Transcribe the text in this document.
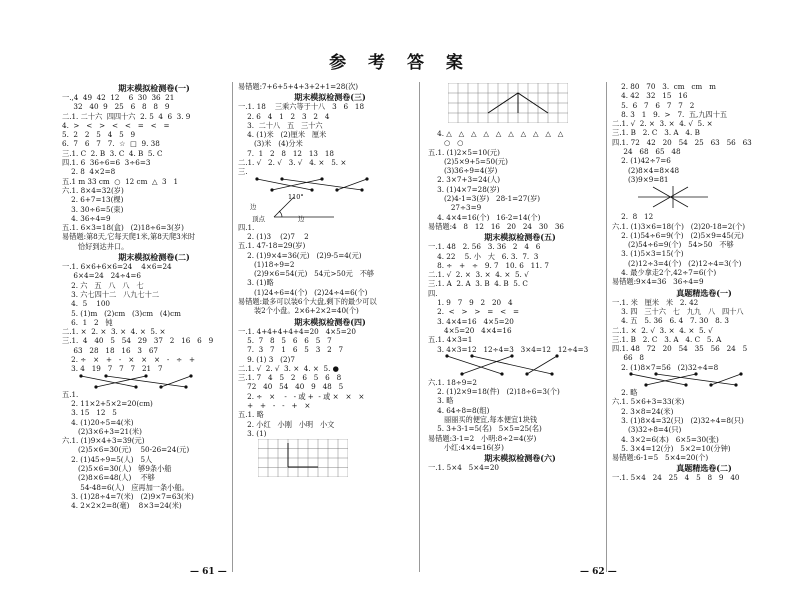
参 考 答 案
期末模拟检测卷(一)
一.,4  49  42  12    6  30  36  21
32   40  9   25   6   8   8   9
二.1. 二十六  四四十六  2. 5  4  6  3. 9
4.  >   <   >   <   <   =   <   =
5.  2   2   5   4   5   9
6.  7   6   7   7.  ☆  □  9. 38
三.1. C  2. B  3. C  4. B  5. C
四.1. 6  36÷6=6  3÷6=3
2. 8  4×2=8
五.1 m 33 cm  ○  12 cm  △  3   1
六.1. 8×4=32(岁)
2. 6+7=13(棵)
3. 30÷6=5(束)
4. 36÷4=9
五.1. 6×3=18(盒)   (2)18÷6=3(岁)
易错题:第8天,它每天爬1米,第8天爬3米时
恰好到达井口。
期末模拟检测卷(二)
一.1. 6×6+6×6=24    4×6=24
6×4=24   24÷4=6
2. 六   五   八   八   七
3. 六七四十二   八九七十二
4.  5    100
5. (1)m   (2)cm   (3)cm   (4)cm
6.  1   2   钝
二.1. ×  2. ×  3. ×  4. ×  5. ×
三.1.  4   40   5   54   29   37   2   16   6   9
63   28   18   16   3   67
2. ÷   ×   +   -   ×   ×   ×   -   ÷   +
3. 4   19   7   7   7   21   7
五.1.
2. 11×2+5×2=20(cm)
3. 15   12   5
4. (1)20÷5=4(米)
(2)3×6+3=21(米)
六.1. (1)9×4+3=39(元)
(2)5×6=30(元)    50-26=24(元)
2. (1)45÷9=5(人)   5人
(2)5×6=30(人)   够9条小船
(2)8×6=48(人)    不够
54-48=6(人)   应再加一条小船。
3. (1)28÷4=7(米)   (2)9×7=63(米)
4. 2×2×2=8(毫)    8×3=24(米)
易错题:7+6+5+4+3+2+1=28(次)
期末模拟检测卷(三)
一.1. 18    三乘六等于十八   3   6   18
2. 6   4   1   2   3   2   4
3.  二十八   五   三十六
4. (1)米   (2)厘米   厘米
(3)米   (4)分米
7.  1   2   8   12   13   18
二.1. √   2. √   3. √   4. ×   5. ×
三.
110°
边
顶点	边
四.1.
2. (1)3    (2)7    2
五.1. 47-18=29(岁)
2. (1)9×4=36(元)   (2)9-5=4(元)
(1)18÷9=2
(2)9×6=54(元)   54元>50元   不够
3. (1)略
(1)24÷6=4(个)   (2)24÷4=6(个)
易错题:最多可以装6个大盘,剩下的最少可以
装2个小盘。2×6+2×2=40(个)
期末模拟检测卷(四)
一.1. 4+4+4+4+4=20   4×5=20
5.  7   8   5   6   6   5   7
7.  3   7   1   6   5   3   2   7
9. (1) 3   (2)7
二.1. √  2. √  3. ×  4. ×  5. ●
三.1. 7   4   5   2   6   5   6   8
72   40   54   40   9   48   5
2. ÷   ×    -   - 或 +  - 或 ×   ×   ×
+   +   -   -   +   ×
五.1. 略
2. 小红   小刚   小明   小文
3. (1)
4. △   △   △   △   △   △   △   △   △   △
○   ○
五.1. (1)2×5=10(元)
(2)5×9+5=50(元)
(3)36÷9=4(岁)
2. 3×7+3=24(人)
3. (1)4×7=28(岁)
(2)4-1=3(岁)   28-1=27(岁)
27÷3=9
4. 4×4=16(个)   16-2=14(个)
易错题:4   8   12   16   20   24   30   36
期末模拟检测卷(五)
一.1. 48   2. 56   3. 36   2   4   6
4. 22    5. 小   大   6. 3.  7.  3
8. ÷   +   ÷   9. 7   10. 6   11. 7
二.1. √  2. ×  3. ×  4. ×  5. √
三.1. A  2. A  3. B  4. B  5. C
四.
1. 9   7   9   2   20   4
2.  <   >   >   =   <   =
3. 4×4=16   4×5=20
4×5=20   4×4=16
五.1. 4×3=1
3. 4×3=12   12÷4=3   3×4=12   12÷4=3
六.1. 18÷9=2
2. (1)2×9=18(件)   (2)18÷6=3(个)
3. 略
4. 64÷8=8(组)
丽丽买的便宜,每本便宜1块钱
5. 3+3-1=5(名)   5×5=25(名)
易错题:3-1=2   小明:8÷2=4(岁)
小红:4×4=16(岁)
期末模拟检测卷(六)
一.1. 5×4   5×4=20
2. 80   70   3.  cm   cm   m
4. 42   32   15   16
5.  6   7   6   7   7   2
8. 3   1   9.  >   7.  五,九四十五
二.1. √  2. ×  3. ×  4. √  5. ×
三.1. B   2. C   3. A   4. B
四.1. 72   42   20   54   25   63   56   63
24   68   65   48
2. (1)42÷7=6
(2)8×4=8×48
(3)9×9=81
2.  8   12
六.1. (1)3×6=18(个)   (2)20-18=2(个)
2. (1)54÷6=9(个)   (2)5×9=45(元)
(2)54÷6=9(个)   54>50   不够
3. (1)5×3=15(个)
(2)12÷3=4(个)   (2)12÷4=3(个)
4. 最少拿走2个,42÷7=6(个)
易错题:9×4=36   36÷4=9
真题精选卷(一)
一.1. 米   厘米   米   2. 42
3. 四   三十六   七   九九   八   四十八
4. 五   5. 36   6. 4   7. 30   8. 3
二.1. ×  2. √  3. ×  4. ×  5. √
三.1. B   2. C   3. A   4. C   5. A
四.1. 48   72   20   54   35   56   24   5
66   8
2. (1)8×7=56   (2)32÷4=8
2. 略
六.1. 5×6+3=33(米)
2. 3×8=24(米)
3. (1)8×4=32(只)   (2)32÷4=8(只)
(3)32÷8=4(只)
4. 3×2=6(本)   6×5=30(张)
5. 3×4=12(分)   5×2=10(分钟)
易错题:6-1=5   5×4=20(个)
真题精选卷(二)
一.1. 5×4   24   25   4   5   8   9   40
— 61 —	— 62 —
